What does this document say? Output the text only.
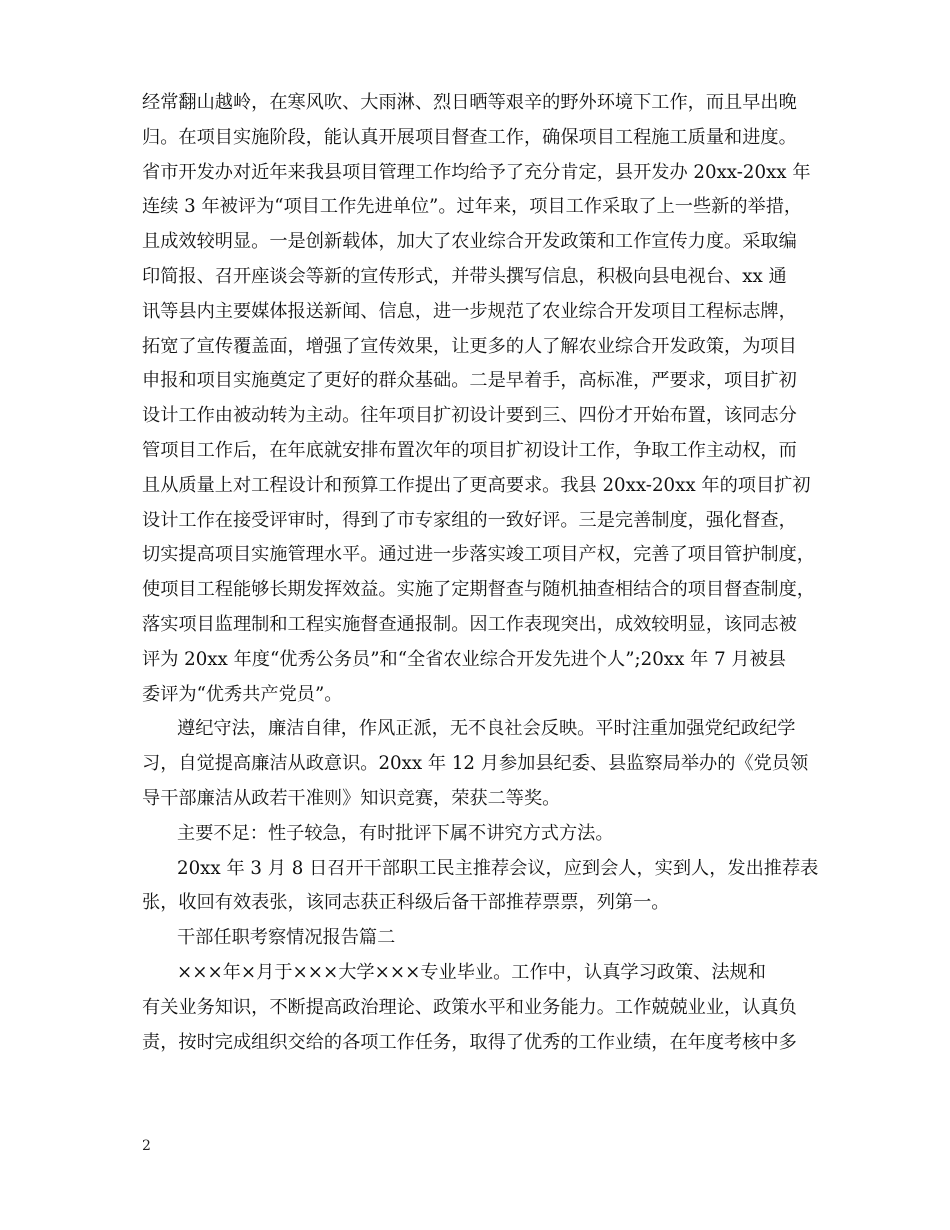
经常翻山越岭，在寒风吹、大雨淋、烈日晒等艰辛的野外环境下工作，而且早出晚
归。在项目实施阶段，能认真开展项目督查工作，确保项目工程施工质量和进度。
省市开发办对近年来我县项目管理工作均给予了充分肯定，县开发办 20xx-20xx 年
连续 3 年被评为“项目工作先进单位”。过年来，项目工作采取了上一些新的举措，
且成效较明显。一是创新载体，加大了农业综合开发政策和工作宣传力度。采取编
印简报、召开座谈会等新的宣传形式，并带头撰写信息，积极向县电视台、xx 通
讯等县内主要媒体报送新闻、信息，进一步规范了农业综合开发项目工程标志牌，
拓宽了宣传覆盖面，增强了宣传效果，让更多的人了解农业综合开发政策，为项目
申报和项目实施奠定了更好的群众基础。二是早着手，高标准，严要求，项目扩初
设计工作由被动转为主动。往年项目扩初设计要到三、四份才开始布置，该同志分
管项目工作后，在年底就安排布置次年的项目扩初设计工作，争取工作主动权，而
且从质量上对工程设计和预算工作提出了更高要求。我县 20xx-20xx 年的项目扩初
设计工作在接受评审时，得到了市专家组的一致好评。三是完善制度，强化督查，
切实提高项目实施管理水平。通过进一步落实竣工项目产权，完善了项目管护制度，
使项目工程能够长期发挥效益。实施了定期督查与随机抽查相结合的项目督查制度，
落实项目监理制和工程实施督查通报制。因工作表现突出，成效较明显，该同志被
评为 20xx 年度“优秀公务员”和“全省农业综合开发先进个人”;20xx 年 7 月被县
委评为“优秀共产党员”。
遵纪守法，廉洁自律，作风正派，无不良社会反映。平时注重加强党纪政纪学
习，自觉提高廉洁从政意识。20xx 年 12 月参加县纪委、县监察局举办的《党员领
导干部廉洁从政若干准则》知识竞赛，荣获二等奖。
主要不足：性子较急，有时批评下属不讲究方式方法。
20xx 年 3 月 8 日召开干部职工民主推荐会议，应到会人，实到人，发出推荐表
张，收回有效表张，该同志获正科级后备干部推荐票票，列第一。
干部任职考察情况报告篇二
×××年×月于×××大学×××专业毕业。工作中，认真学习政策、法规和
有关业务知识，不断提高政治理论、政策水平和业务能力。工作兢兢业业，认真负
责，按时完成组织交给的各项工作任务，取得了优秀的工作业绩，在年度考核中多
2
